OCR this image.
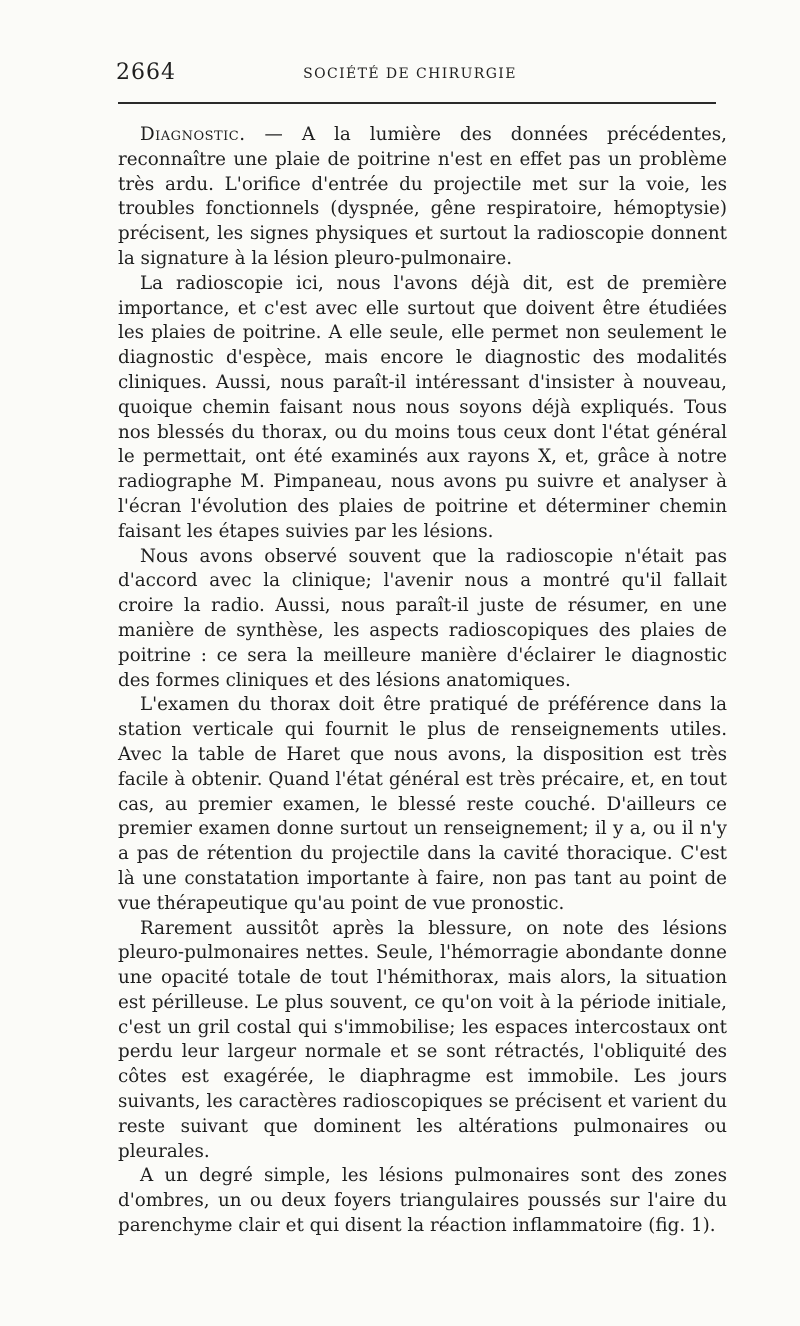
2664	SOCIÉTÉ DE CHIRURGIE

Diagnostic. — A la lumière des données précédentes, reconnaître une plaie de poitrine n'est en effet pas un problème très ardu. L'orifice d'entrée du projectile met sur la voie, les troubles fonctionnels (dyspnée, gêne respiratoire, hémoptysie) précisent, les signes physiques et surtout la radioscopie donnent la signature à la lésion pleuro-pulmonaire.

La radioscopie ici, nous l'avons déjà dit, est de première importance, et c'est avec elle surtout que doivent être étudiées les plaies de poitrine. A elle seule, elle permet non seulement le diagnostic d'espèce, mais encore le diagnostic des modalités cliniques. Aussi, nous paraît-il intéressant d'insister à nouveau, quoique chemin faisant nous nous soyons déjà expliqués. Tous nos blessés du thorax, ou du moins tous ceux dont l'état général le permettait, ont été examinés aux rayons X, et, grâce à notre radiographe M. Pimpaneau, nous avons pu suivre et analyser à l'écran l'évolution des plaies de poitrine et déterminer chemin faisant les étapes suivies par les lésions.

Nous avons observé souvent que la radioscopie n'était pas d'accord avec la clinique; l'avenir nous a montré qu'il fallait croire la radio. Aussi, nous paraît-il juste de résumer, en une manière de synthèse, les aspects radioscopiques des plaies de poitrine : ce sera la meilleure manière d'éclairer le diagnostic des formes cliniques et des lésions anatomiques.

L'examen du thorax doit être pratiqué de préférence dans la station verticale qui fournit le plus de renseignements utiles. Avec la table de Haret que nous avons, la disposition est très facile à obtenir. Quand l'état général est très précaire, et, en tout cas, au premier examen, le blessé reste couché. D'ailleurs ce premier examen donne surtout un renseignement; il y a, ou il n'y a pas de rétention du projectile dans la cavité thoracique. C'est là une constatation importante à faire, non pas tant au point de vue thérapeutique qu'au point de vue pronostic.

Rarement aussitôt après la blessure, on note des lésions pleuro-pulmonaires nettes. Seule, l'hémorragie abondante donne une opacité totale de tout l'hémithorax, mais alors, la situation est périlleuse. Le plus souvent, ce qu'on voit à la période initiale, c'est un gril costal qui s'immobilise; les espaces intercostaux ont perdu leur largeur normale et se sont rétractés, l'obliquité des côtes est exagérée, le diaphragme est immobile. Les jours suivants, les caractères radioscopiques se précisent et varient du reste suivant que dominent les altérations pulmonaires ou pleurales.

A un degré simple, les lésions pulmonaires sont des zones d'ombres, un ou deux foyers triangulaires poussés sur l'aire du parenchyme clair et qui disent la réaction inflammatoire (fig. 1).
